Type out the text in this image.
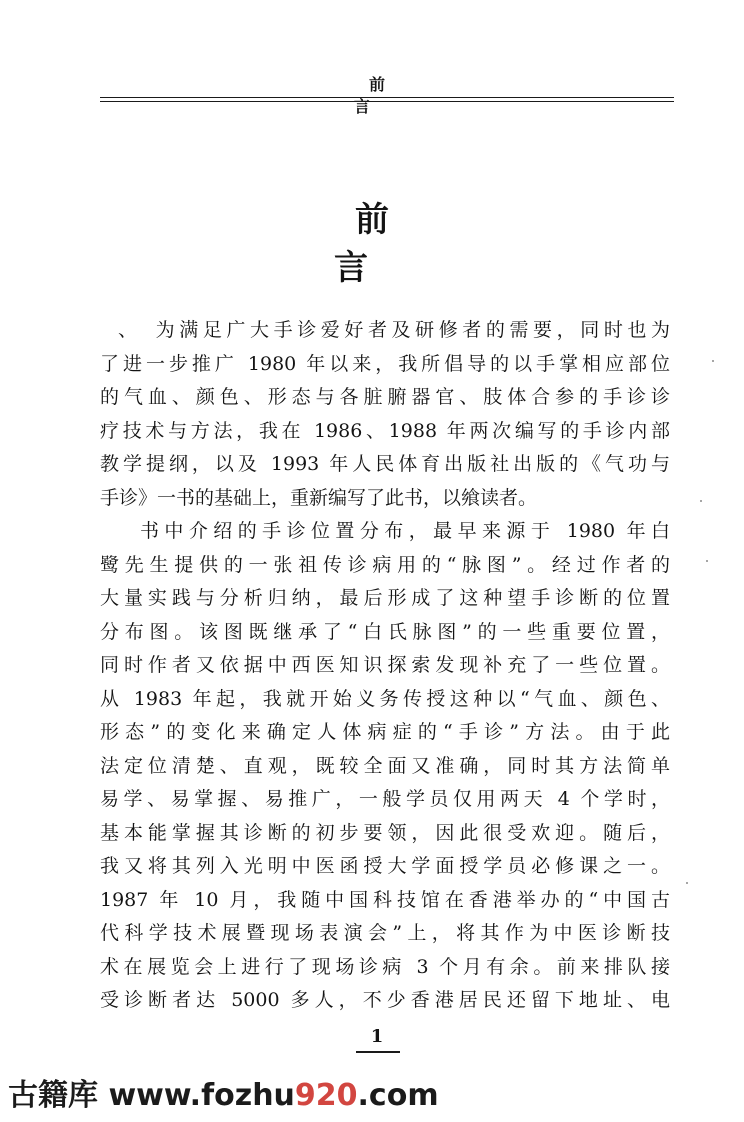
前 言
前 言
、　为满足广大手诊爱好者及研修者的需要，同时也为
了进一步推广 1980 年以来，我所倡导的以手掌相应部位
的气血、颜色、形态与各脏腑器官、肢体合参的手诊诊
疗技术与方法，我在 1986、1988 年两次编写的手诊内部
教学提纲，以及 1993 年人民体育出版社出版的《气功与
手诊》一书的基础上，重新编写了此书，以飨读者。
书中介绍的手诊位置分布，最早来源于 1980 年白
鹭先生提供的一张祖传诊病用的“脉图”。经过作者的
大量实践与分析归纳，最后形成了这种望手诊断的位置
分布图。该图既继承了“白氏脉图”的一些重要位置，
同时作者又依据中西医知识探索发现补充了一些位置。
从 1983 年起，我就开始义务传授这种以“气血、颜色、
形态”的变化来确定人体病症的“手诊”方法。由于此
法定位清楚、直观，既较全面又准确，同时其方法简单
易学、易掌握、易推广，一般学员仅用两天 4 个学时，
基本能掌握其诊断的初步要领，因此很受欢迎。随后，
我又将其列入光明中医函授大学面授学员必修课之一。
1987 年 10 月，我随中国科技馆在香港举办的“中国古
代科学技术展暨现场表演会”上，将其作为中医诊断技
术在展览会上进行了现场诊病 3 个月有余。前来排队接
受诊断者达 5000 多人，不少香港居民还留下地址、电
1
古籍库 www.fozhu920.com
